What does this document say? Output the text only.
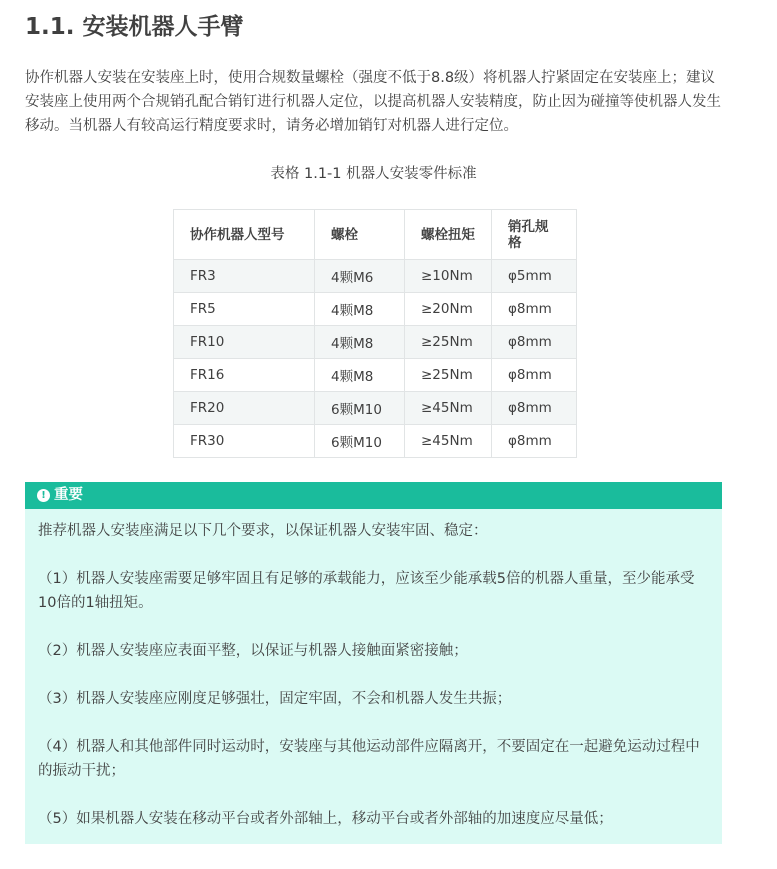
1.1. 安装机器人手臂

协作机器人安装在安装座上时，使用合规数量螺栓（强度不低于8.8级）将机器人拧紧固定在安装座上；建议安装座上使用两个合规销孔配合销钉进行机器人定位，以提高机器人安装精度，防止因为碰撞等使机器人发生移动。当机器人有较高运行精度要求时，请务必增加销钉对机器人进行定位。

表格 1.1-1 机器人安装零件标准
协作机器人型号	螺栓	螺栓扭矩	销孔规格
FR3	4颗M6	≥10Nm	φ5mm
FR5	4颗M8	≥20Nm	φ8mm
FR10	4颗M8	≥25Nm	φ8mm
FR16	4颗M8	≥25Nm	φ8mm
FR20	6颗M10	≥45Nm	φ8mm
FR30	6颗M10	≥45Nm	φ8mm
! 重要

推荐机器人安装座满足以下几个要求，以保证机器人安装牢固、稳定：

（1）机器人安装座需要足够牢固且有足够的承载能力，应该至少能承载5倍的机器人重量，至少能承受10倍的1轴扭矩。

（2）机器人安装座应表面平整，以保证与机器人接触面紧密接触；

（3）机器人安装座应刚度足够强壮，固定牢固，不会和机器人发生共振；

（4）机器人和其他部件同时运动时，安装座与其他运动部件应隔离开，不要固定在一起避免运动过程中的振动干扰；

（5）如果机器人安装在移动平台或者外部轴上，移动平台或者外部轴的加速度应尽量低；
